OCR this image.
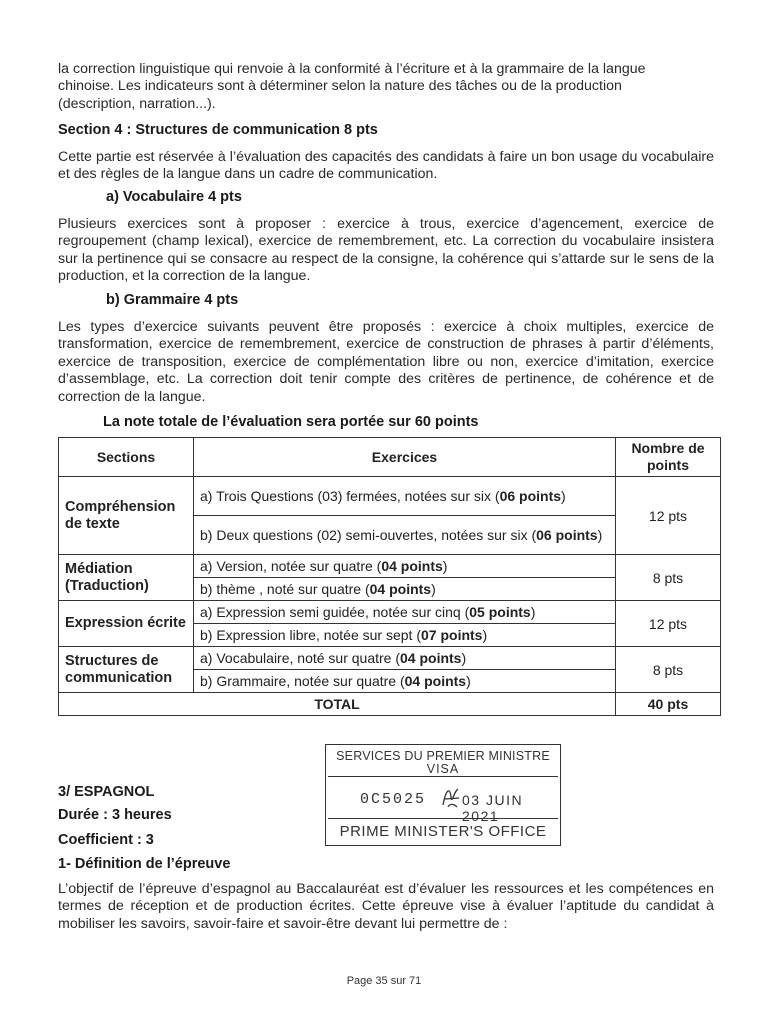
la correction linguistique qui renvoie à la conformité à l’écriture et à la grammaire de la langue
chinoise. Les indicateurs sont à déterminer selon la nature des tâches ou de la production
(description, narration...).
Section 4 : Structures de communication 8 pts
Cette partie est réservée à l’évaluation des capacités des candidats à faire un bon usage du vocabulaire et des règles de la langue dans un cadre de communication.
a) Vocabulaire 4 pts
Plusieurs exercices sont à proposer : exercice à trous, exercice d’agencement, exercice de regroupement (champ lexical), exercice de remembrement, etc. La correction du vocabulaire insistera sur la pertinence qui se consacre au respect de la consigne, la cohérence qui s’attarde sur le sens de la production, et la correction de la langue.
b) Grammaire 4 pts
Les types d’exercice suivants peuvent être proposés : exercice à choix multiples, exercice de transformation, exercice de remembrement, exercice de construction de phrases à partir d’éléments, exercice de transposition, exercice de complémentation libre ou non, exercice d’imitation, exercice d’assemblage, etc. La correction doit tenir compte des critères de pertinence, de cohérence et de correction de la langue.
La note totale de l’évaluation sera portée sur 60 points
Sections	Exercices	Nombre de points
Compréhension de texte	a) Trois Questions (03) fermées, notées sur six (06 points)	12 pts
	b) Deux questions (02) semi-ouvertes, notées sur six (06 points)	
Médiation (Traduction)	a) Version, notée sur quatre (04 points)	8 pts
	b) thème , noté sur quatre (04 points)	
Expression écrite	a) Expression semi guidée, notée sur cinq (05 points)	12 pts
	b) Expression libre, notée sur sept (07 points)	
Structures de communication	a) Vocabulaire, noté sur quatre (04 points)	8 pts
	b) Grammaire, notée sur quatre (04 points)	
TOTAL		40 pts
SERVICES DU PREMIER MINISTRE
VISA
0C5025	03 JUIN 2021
PRIME MINISTER'S OFFICE
3/ ESPAGNOL
Durée : 3 heures
Coefficient : 3
1- Définition de l’épreuve
L’objectif de l’épreuve d’espagnol au Baccalauréat est d’évaluer les ressources et les compétences en termes de réception et de production écrites. Cette épreuve vise à évaluer l’aptitude du candidat à mobiliser les savoirs, savoir-faire et savoir-être devant lui permettre de :
Page 35 sur 71
